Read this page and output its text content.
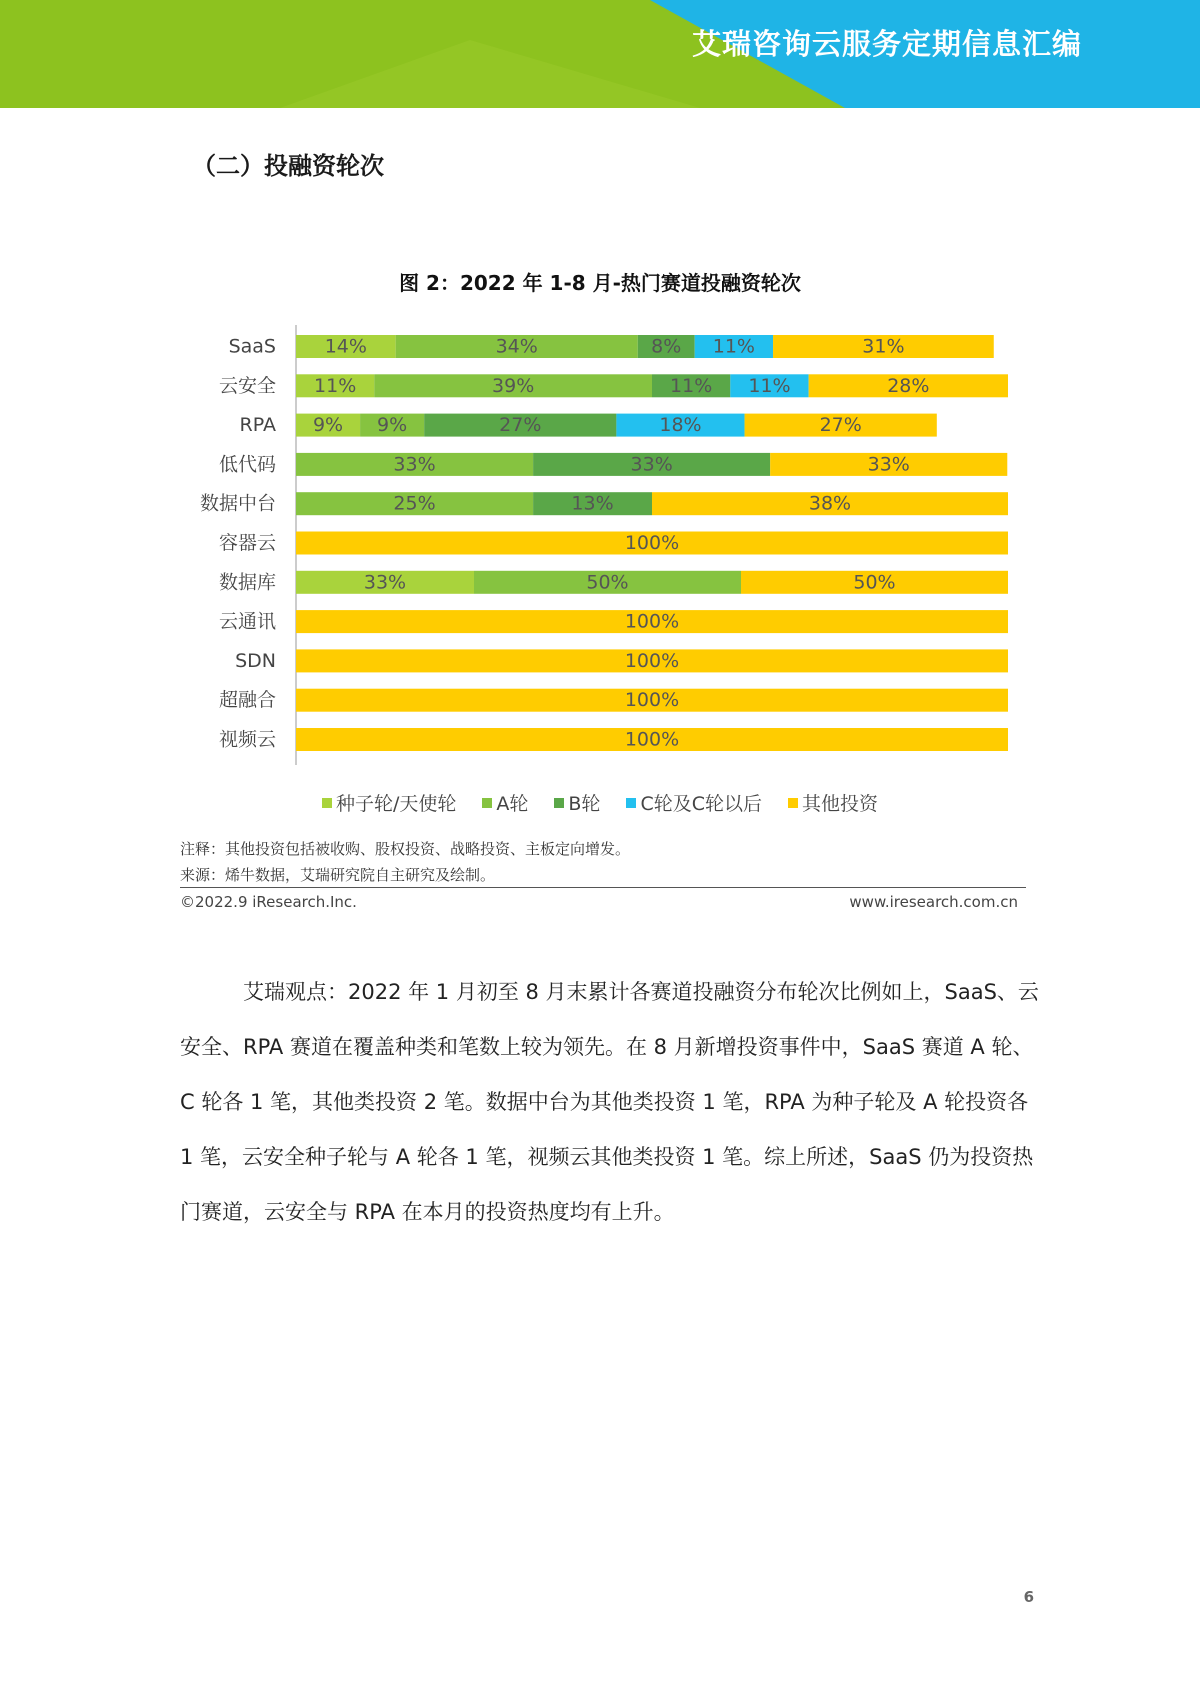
艾瑞咨询云服务定期信息汇编
（二）投融资轮次
图 2：2022 年 1-8 月-热门赛道投融资轮次
SaaS	14%	34%	8% 11%	31%
云安全 11%	39%	11% 11%	28%
RPA 9% 9%	27%	18%	27%
低代码	33%	33%	33%
数据中台	25%	13%	38%
容器云	100%
数据库	33%	50%	50%
云通讯	100%
SDN	100%
超融合	100%
视频云	100%
种子轮/天使轮 A轮 B轮 C轮及C轮以后 其他投资
注释：其他投资包括被收购、股权投资、战略投资、主板定向增发。
来源：烯牛数据，艾瑞研究院自主研究及绘制。
©2022.9 iResearch.Inc.	www.iresearch.com.cn
艾瑞观点：2022 年 1 月初至 8 月末累计各赛道投融资分布轮次比例如上，SaaS、云
安全、RPA 赛道在覆盖种类和笔数上较为领先。在 8 月新增投资事件中，SaaS 赛道 A 轮、
C 轮各 1 笔，其他类投资 2 笔。数据中台为其他类投资 1 笔，RPA 为种子轮及 A 轮投资各
1 笔，云安全种子轮与 A 轮各 1 笔，视频云其他类投资 1 笔。综上所述，SaaS 仍为投资热
门赛道，云安全与 RPA 在本月的投资热度均有上升。
6
